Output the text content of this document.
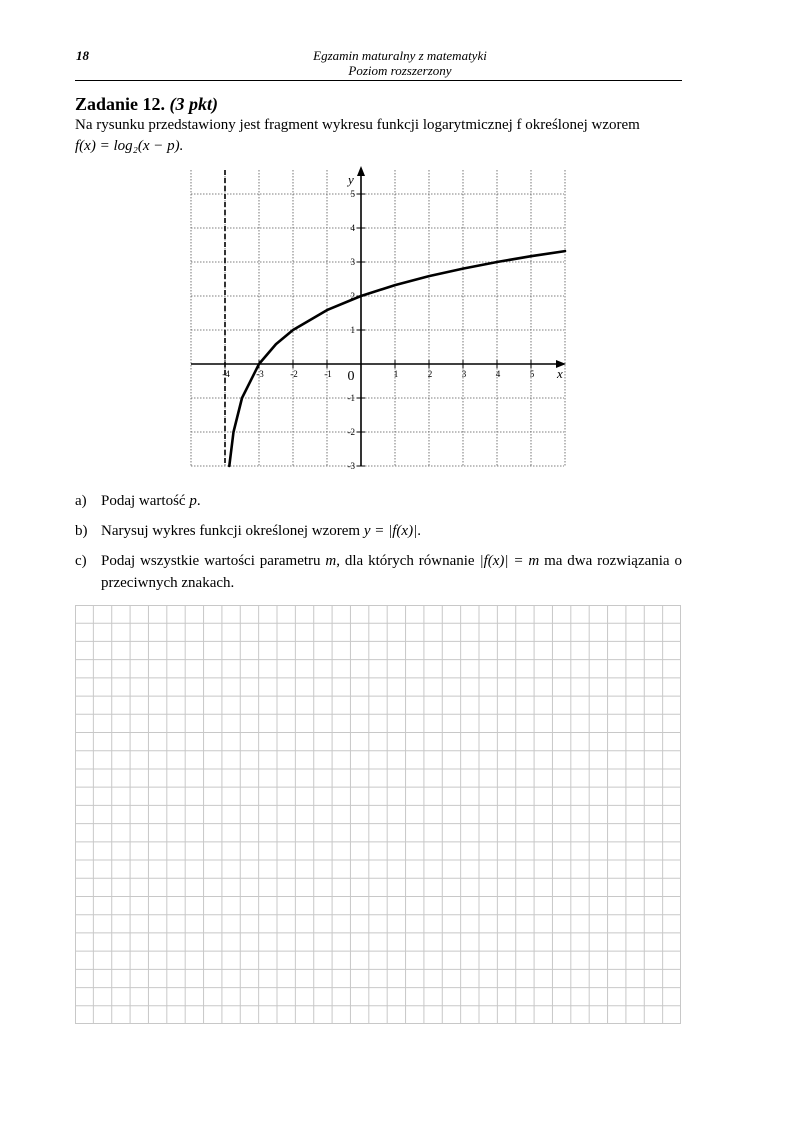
18	Egzamin maturalny z matematyki
Poziom rozszerzony
Zadanie 12. (3 pkt)
Na rysunku przedstawiony jest fragment wykresu funkcji logarytmicznej f określonej wzorem
f(x) = log₂(x − p).
-4	-3	-2	-1 0	1	2	3	4	5
-3
-2
-1
1
2
3
4
5
x
y
a) Podaj wartość p.
b) Narysuj wykres funkcji określonej wzorem y = |f(x)|.
c) Podaj wszystkie wartości parametru m, dla których równanie |f(x)| = m ma dwa rozwiązania o przeciwnych znakach.
